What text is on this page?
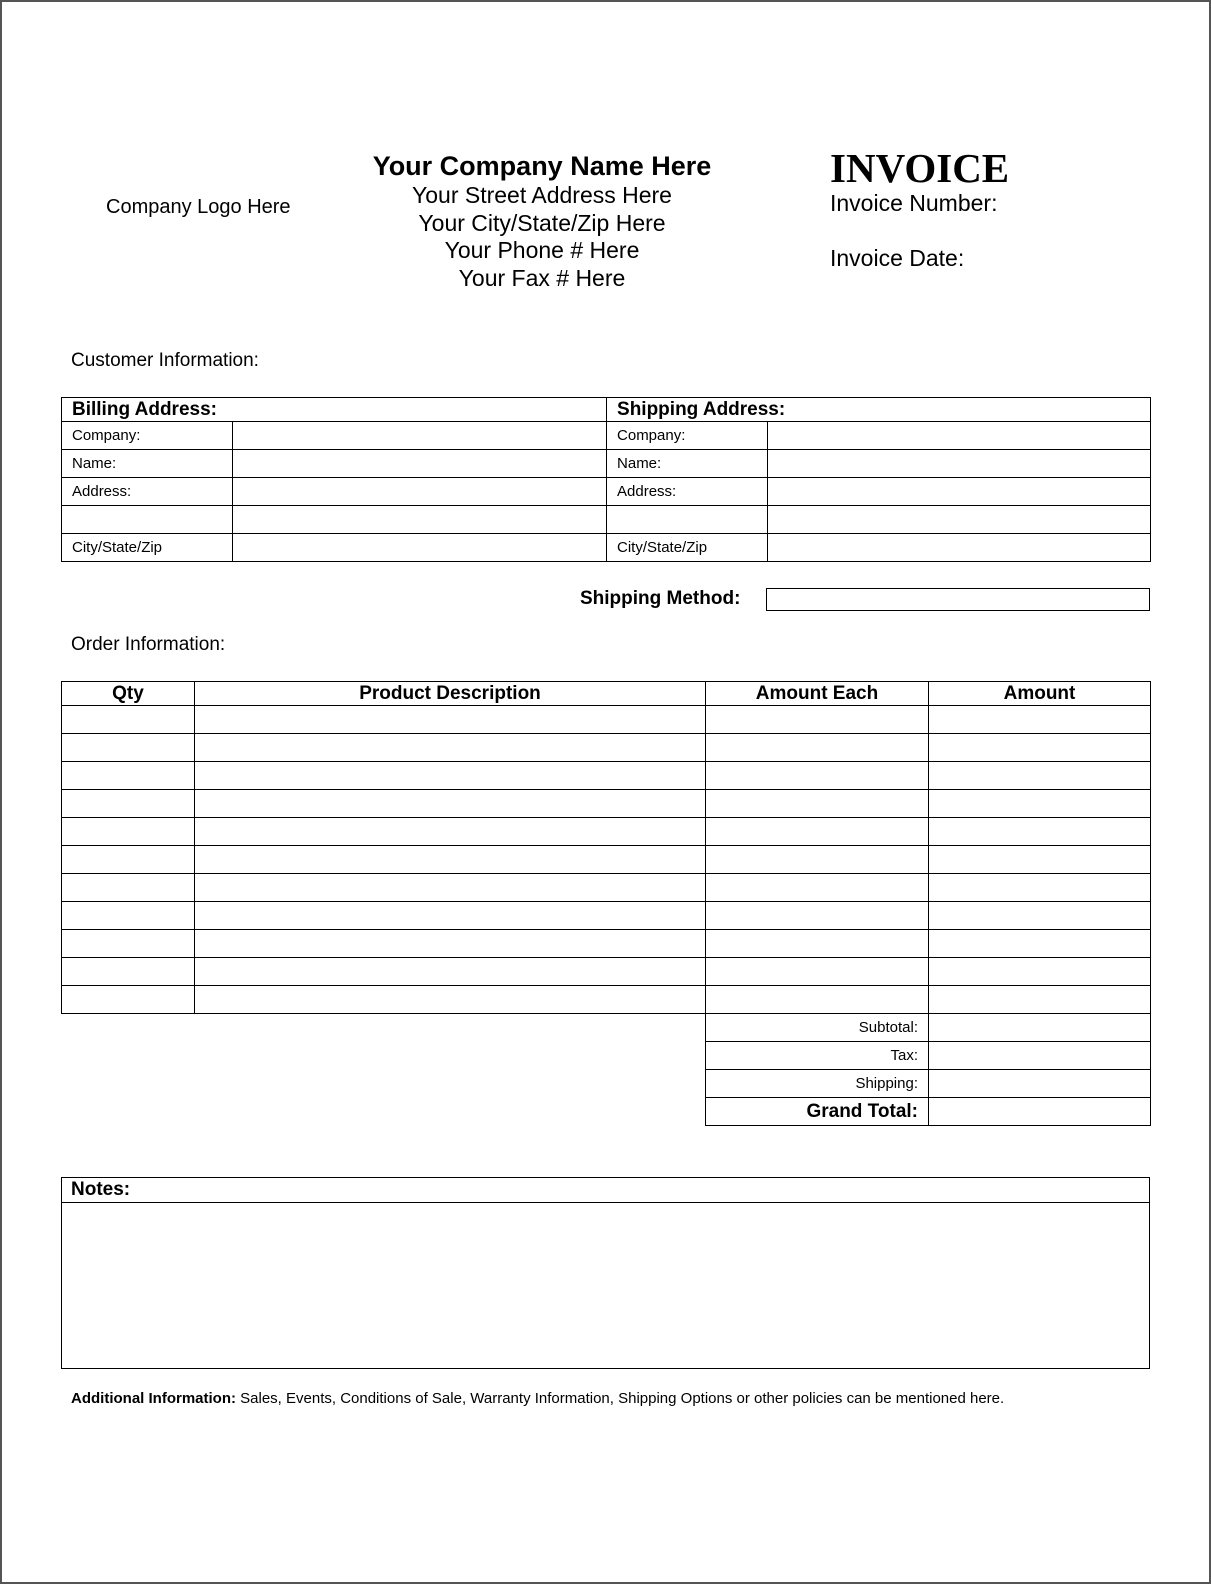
Company Logo Here
Your Company Name Here
Your Street Address Here
Your City/State/Zip Here
Your Phone # Here
Your Fax # Here
INVOICE
Invoice Number:
Invoice Date:
Customer Information:
Billing Address:		Shipping Address:	
Company:		Company:	
Name:		Name:	
Address:		Address:	

City/State/Zip		City/State/Zip	
Shipping Method:
Order Information:
Qty	Product Description	Amount Each	Amount

		Subtotal:	
		Tax:	
		Shipping:	
		Grand Total:	
Notes:
Additional Information: Sales, Events, Conditions of Sale, Warranty Information, Shipping Options or other policies can be mentioned here.
